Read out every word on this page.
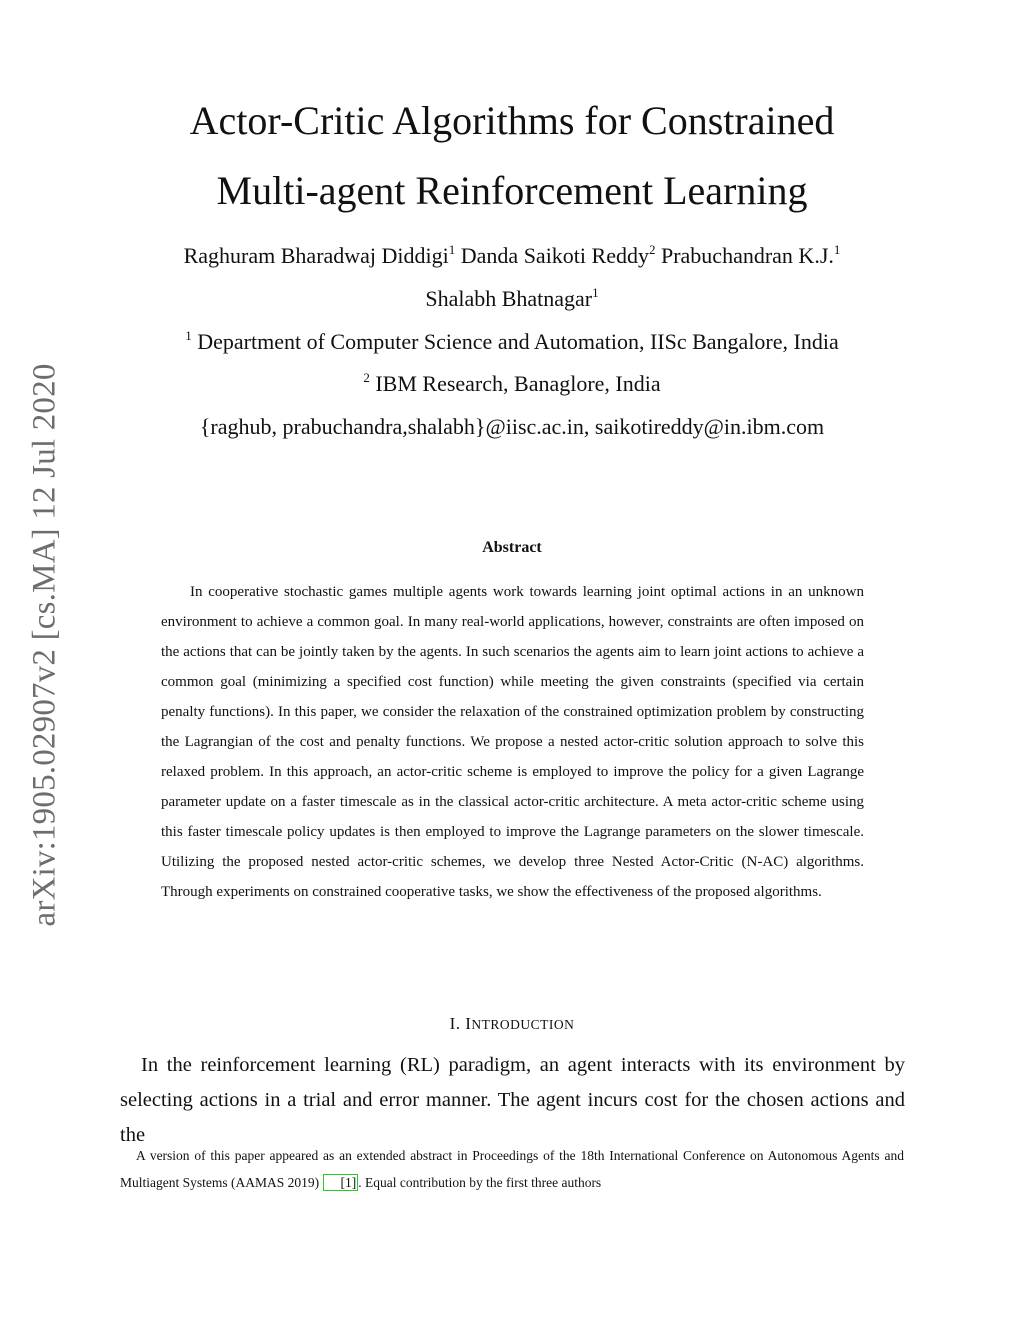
Actor-Critic Algorithms for Constrained
Multi-agent Reinforcement Learning
Raghuram Bharadwaj Diddigi$^1$ Danda Saikoti Reddy$^2$ Prabuchandran K.J.$^1$
Shalabh Bhatnagar$^1$
$^1$ Department of Computer Science and Automation, IISc Bangalore, India
$^2$ IBM Research, Banaglore, India
{raghub, prabuchandra,shalabh}@iisc.ac.in, saikotireddy@in.ibm.com
arXiv:1905.02907v2 [cs.MA] 12 Jul 2020	Abstract

In cooperative stochastic games multiple agents work towards learning joint optimal actions in an unknown environment to achieve a common goal. In many real-world applications, however, constraints are often imposed on the actions that can be jointly taken by the agents. In such scenarios the agents aim to learn joint actions to achieve a common goal (minimizing a specified cost function) while meeting the given constraints (specified via certain penalty functions). In this paper, we consider the relaxation of the constrained optimization problem by constructing the Lagrangian of the cost and penalty functions. We propose a nested actor-critic solution approach to solve this relaxed problem. In this approach, an actor-critic scheme is employed to improve the policy for a given Lagrange parameter update on a faster timescale as in the classical actor-critic architecture. A meta actor-critic scheme using this faster timescale policy updates is then employed to improve the Lagrange parameters on the slower timescale. Utilizing the proposed nested actor-critic schemes, we develop three Nested Actor-Critic (N-AC) algorithms. Through experiments on constrained cooperative tasks, we show the effectiveness of the proposed algorithms.

I. INTRODUCTION

In the reinforcement learning (RL) paradigm, an agent interacts with its environment by selecting actions in a trial and error manner. The agent incurs cost for the chosen actions and the

A version of this paper appeared as an extended abstract in Proceedings of the 18th International Conference on Autonomous Agents and Multiagent Systems (AAMAS 2019) [1] . Equal contribution by the first three authors
